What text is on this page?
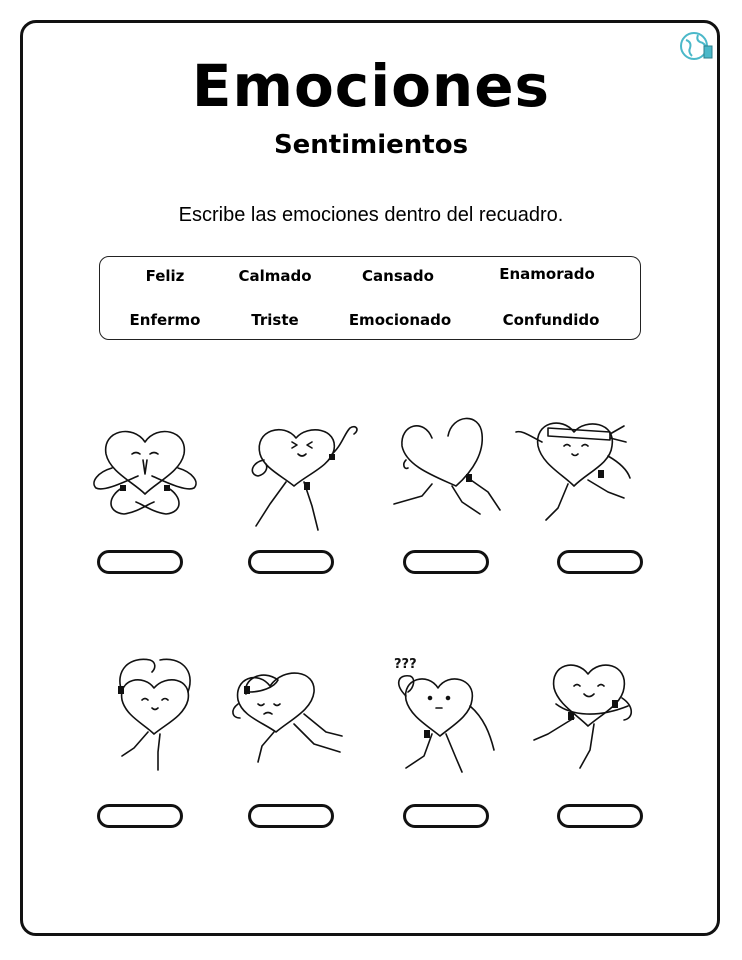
Emociones
Sentimientos
Escribe las emociones dentro del recuadro.
Feliz	Calmado	Cansado	Enamorado
Enfermo	Triste	Emocionado	Confundido
???
